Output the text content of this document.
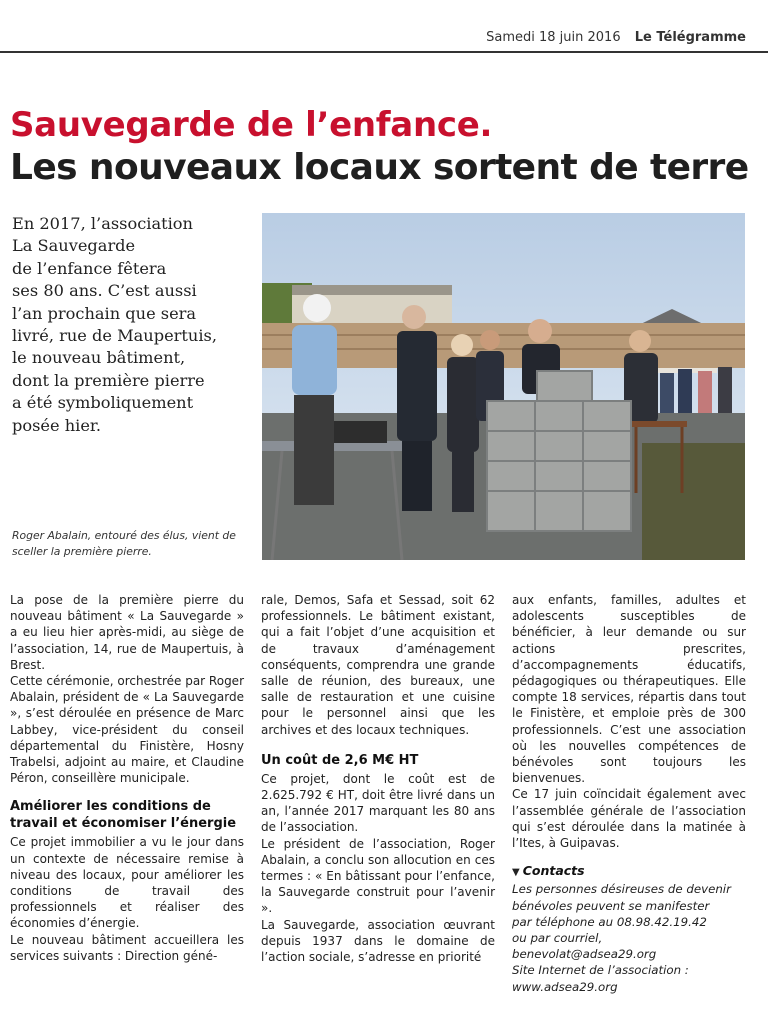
Samedi 18 juin 2016 Le Télégramme
Sauvegarde de l’enfance.
Les nouveaux locaux sortent de terre

En 2017, l’association

La Sauvegarde

de l’enfance fêtera

ses 80 ans. C’est aussi

l’an prochain que sera

livré, rue de Maupertuis,

le nouveau bâtiment,

dont la première pierre

a été symboliquement

posée hier.

Roger Abalain, entouré des élus, vient de sceller la première pierre.

La pose de la première pierre du nouveau bâtiment « La Sauvegarde » a eu lieu hier après-midi, au siège de l’association, 14, rue de Maupertuis, à Brest.

Cette cérémonie, orchestrée par Roger Abalain, président de « La Sauvegarde », s’est déroulée en présence de Marc Labbey, vice-président du conseil départemental du Finistère, Hosny Trabelsi, adjoint au maire, et Claudine Péron, conseillère municipale.

Améliorer les conditions de travail et économiser l’énergie

Ce projet immobilier a vu le jour dans un contexte de nécessaire remise à niveau des locaux, pour améliorer les conditions de travail des professionnels et réaliser des économies d’énergie.

Le nouveau bâtiment accueillera les services suivants : Direction géné-

rale, Demos, Safa et Sessad, soit 62 professionnels. Le bâtiment existant, qui a fait l’objet d’une acquisition et de travaux d’aménagement conséquents, comprendra une grande salle de réunion, des bureaux, une salle de restauration et une cuisine pour le personnel ainsi que les archives et des locaux techniques.

Un coût de 2,6 M€ HT

Ce projet, dont le coût est de 2.625.792 € HT, doit être livré dans un an, l’année 2017 marquant les 80 ans de l’association.

Le président de l’association, Roger Abalain, a conclu son allocution en ces termes : « En bâtissant pour l’enfance, la Sauvegarde construit pour l’avenir ».

La Sauvegarde, association œuvrant depuis 1937 dans le domaine de l’action sociale, s’adresse en priorité

aux enfants, familles, adultes et adolescents susceptibles de bénéficier, à leur demande ou sur actions prescrites, d’accompagnements éducatifs, pédagogiques ou thérapeutiques. Elle compte 18 services, répartis dans tout le Finistère, et emploie près de 300 professionnels. C’est une association où les nouvelles compétences de bénévoles sont toujours les bienvenues.

Ce 17 juin coïncidait également avec l’assemblée générale de l’association qui s’est déroulée dans la matinée à l’Ites, à Guipavas.

▼ Contacts
Les personnes désireuses de devenir
bénévoles peuvent se manifester
par téléphone au 08.98.42.19.42
ou par courriel,
benevolat@adsea29.org
Site Internet de l’association :
www.adsea29.org
